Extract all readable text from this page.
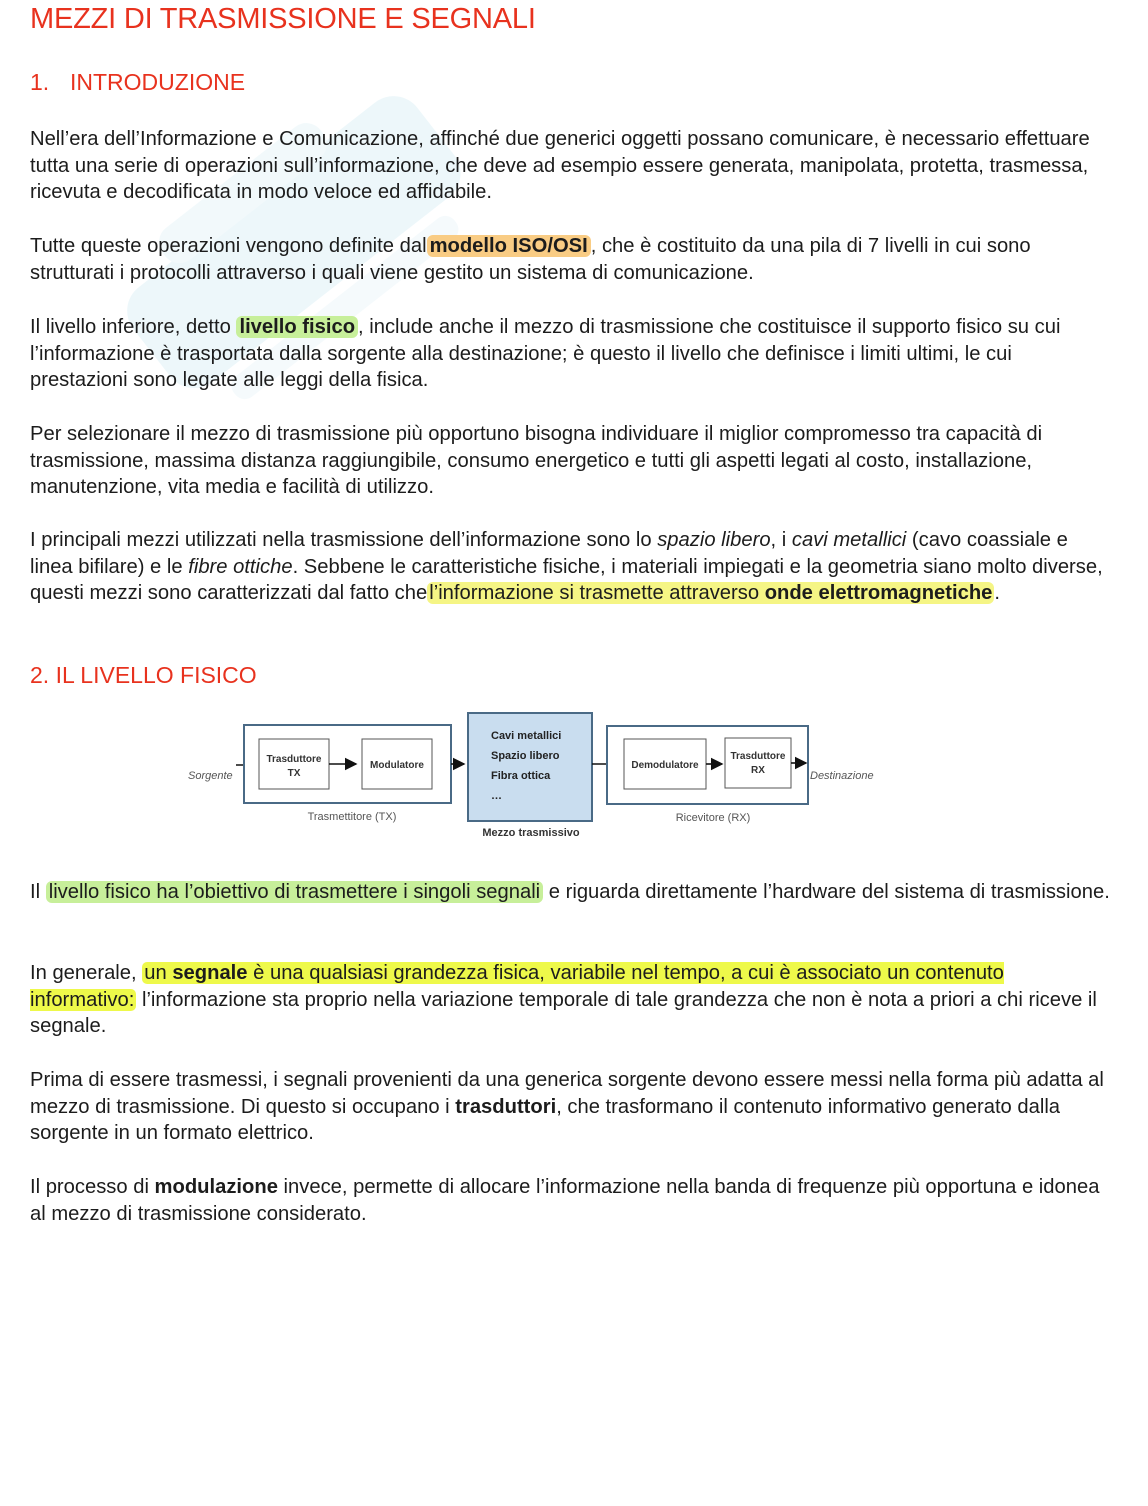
MEZZI DI TRASMISSIONE E SEGNALI
1. INTRODUZIONE

Nell’era dell’Informazione e Comunicazione, affinché due generici oggetti possano comunicare, è necessario effettuare tutta una serie di operazioni sull’informazione, che deve ad esempio essere generata, manipolata, protetta, trasmessa, ricevuta e decodificata in modo veloce ed affidabile.

Tutte queste operazioni vengono definite dal modello ISO/OSI , che è costituito da una pila di 7 livelli in cui sono strutturati i protocolli attraverso i quali viene gestito un sistema di comunicazione.

Il livello inferiore, detto livello fisico , include anche il mezzo di trasmissione che costituisce il supporto fisico su cui l’informazione è trasportata dalla sorgente alla destinazione; è questo il livello che definisce i limiti ultimi, le cui prestazioni sono legate alle leggi della fisica.

Per selezionare il mezzo di trasmissione più opportuno bisogna individuare il miglior compromesso tra capacità di trasmissione, massima distanza raggiungibile, consumo energetico e tutti gli aspetti legati al costo, installazione, manutenzione, vita media e facilità di utilizzo.

I principali mezzi utilizzati nella trasmissione dell’informazione sono lo spazio libero, i cavi metallici (cavo coassiale e linea bifilare) e le fibre ottiche. Sebbene le caratteristiche fisiche, i materiali impiegati e la geometria siano molto diverse, questi mezzi sono caratterizzati dal fatto chel’informazione si trasmette attraverso onde elettromagnetiche.

2. IL LIVELLO FISICO

Il livello fisico ha l’obiettivo di trasmettere i singoli segnali e riguarda direttamente l’hardware del sistema di trasmissione.

In generale, un segnale è una qualsiasi grandezza fisica, variabile nel tempo, a cui è associato un contenuto informativo: l’informazione sta proprio nella variazione temporale di tale grandezza che non è nota a priori a chi riceve il segnale.

Prima di essere trasmessi, i segnali provenienti da una generica sorgente devono essere messi nella forma più adatta al mezzo di trasmissione. Di questo si occupano i trasduttori, che trasformano il contenuto informativo generato dalla sorgente in un formato elettrico.

Il processo di modulazione invece, permette di allocare l’informazione nella banda di frequenze più opportuna e idonea al mezzo di trasmissione considerato.

Sorgente
Trasduttore
TX
Modulatore
Trasmettitore (TX)
Cavi metallici
Spazio libero
Fibra ottica
…
Mezzo trasmissivo
Demodulatore
Trasduttore
RX
Ricevitore (RX)
Destinazione
